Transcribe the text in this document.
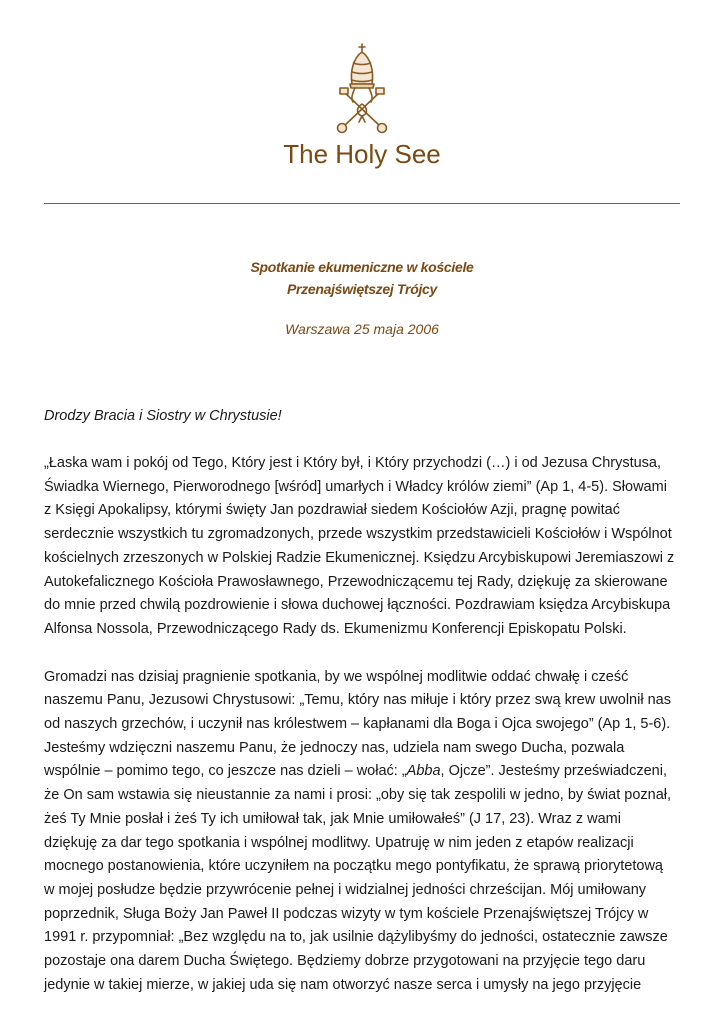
The Holy See
Spotkanie ekumeniczne w kościele
Przenajświętszej Trójcy
Warszawa 25 maja 2006
Drodzy Bracia i Siostry w Chrystusie!

„Łaska wam i pokój od Tego, Który jest i Który był, i Który przychodzi (…) i od Jezusa Chrystusa,
Świadka Wiernego, Pierworodnego [wśród] umarłych i Władcy królów ziemi” (Ap 1, 4-5). Słowami
z Księgi Apokalipsy, którymi święty Jan pozdrawiał siedem Kościołów Azji, pragnę powitać
serdecznie wszystkich tu zgromadzonych, przede wszystkim przedstawicieli Kościołów i Wspólnot
kościelnych zrzeszonych w Polskiej Radzie Ekumenicznej. Księdzu Arcybiskupowi Jeremiaszowi z
Autokefalicznego Kościoła Prawosławnego, Przewodniczącemu tej Rady, dziękuję za skierowane
do mnie przed chwilą pozdrowienie i słowa duchowej łączności. Pozdrawiam księdza Arcybiskupa
Alfonsa Nossola, Przewodniczącego Rady ds. Ekumenizmu Konferencji Episkopatu Polski.

Gromadzi nas dzisiaj pragnienie spotkania, by we wspólnej modlitwie oddać chwałę i cześć
naszemu Panu, Jezusowi Chrystusowi: „Temu, który nas miłuje i który przez swą krew uwolnił nas
od naszych grzechów, i uczynił nas królestwem – kapłanami dla Boga i Ojca swojego” (Ap 1, 5-6).
Jesteśmy wdzięczni naszemu Panu, że jednoczy nas, udziela nam swego Ducha, pozwala
wspólnie – pomimo tego, co jeszcze nas dzieli – wołać: „Abba, Ojcze”. Jesteśmy przeświadczeni,
że On sam wstawia się nieustannie za nami i prosi: „oby się tak zespolili w jedno, by świat poznał,
żeś Ty Mnie posłał i żeś Ty ich umiłował tak, jak Mnie umiłowałeś” (J 17, 23). Wraz z wami
dziękuję za dar tego spotkania i wspólnej modlitwy. Upatruję w nim jeden z etapów realizacji
mocnego postanowienia, które uczyniłem na początku mego pontyfikatu, że sprawą priorytetową
w mojej posłudze będzie przywrócenie pełnej i widzialnej jedności chrześcijan. Mój umiłowany
poprzednik, Sługa Boży Jan Paweł II podczas wizyty w tym kościele Przenajświętszej Trójcy w
1991 r. przypomniał: „Bez względu na to, jak usilnie dążylibyśmy do jedności, ostatecznie zawsze
pozostaje ona darem Ducha Świętego. Będziemy dobrze przygotowani na przyjęcie tego daru
jedynie w takiej mierze, w jakiej uda się nam otworzyć nasze serca i umysły na jego przyjęcie
